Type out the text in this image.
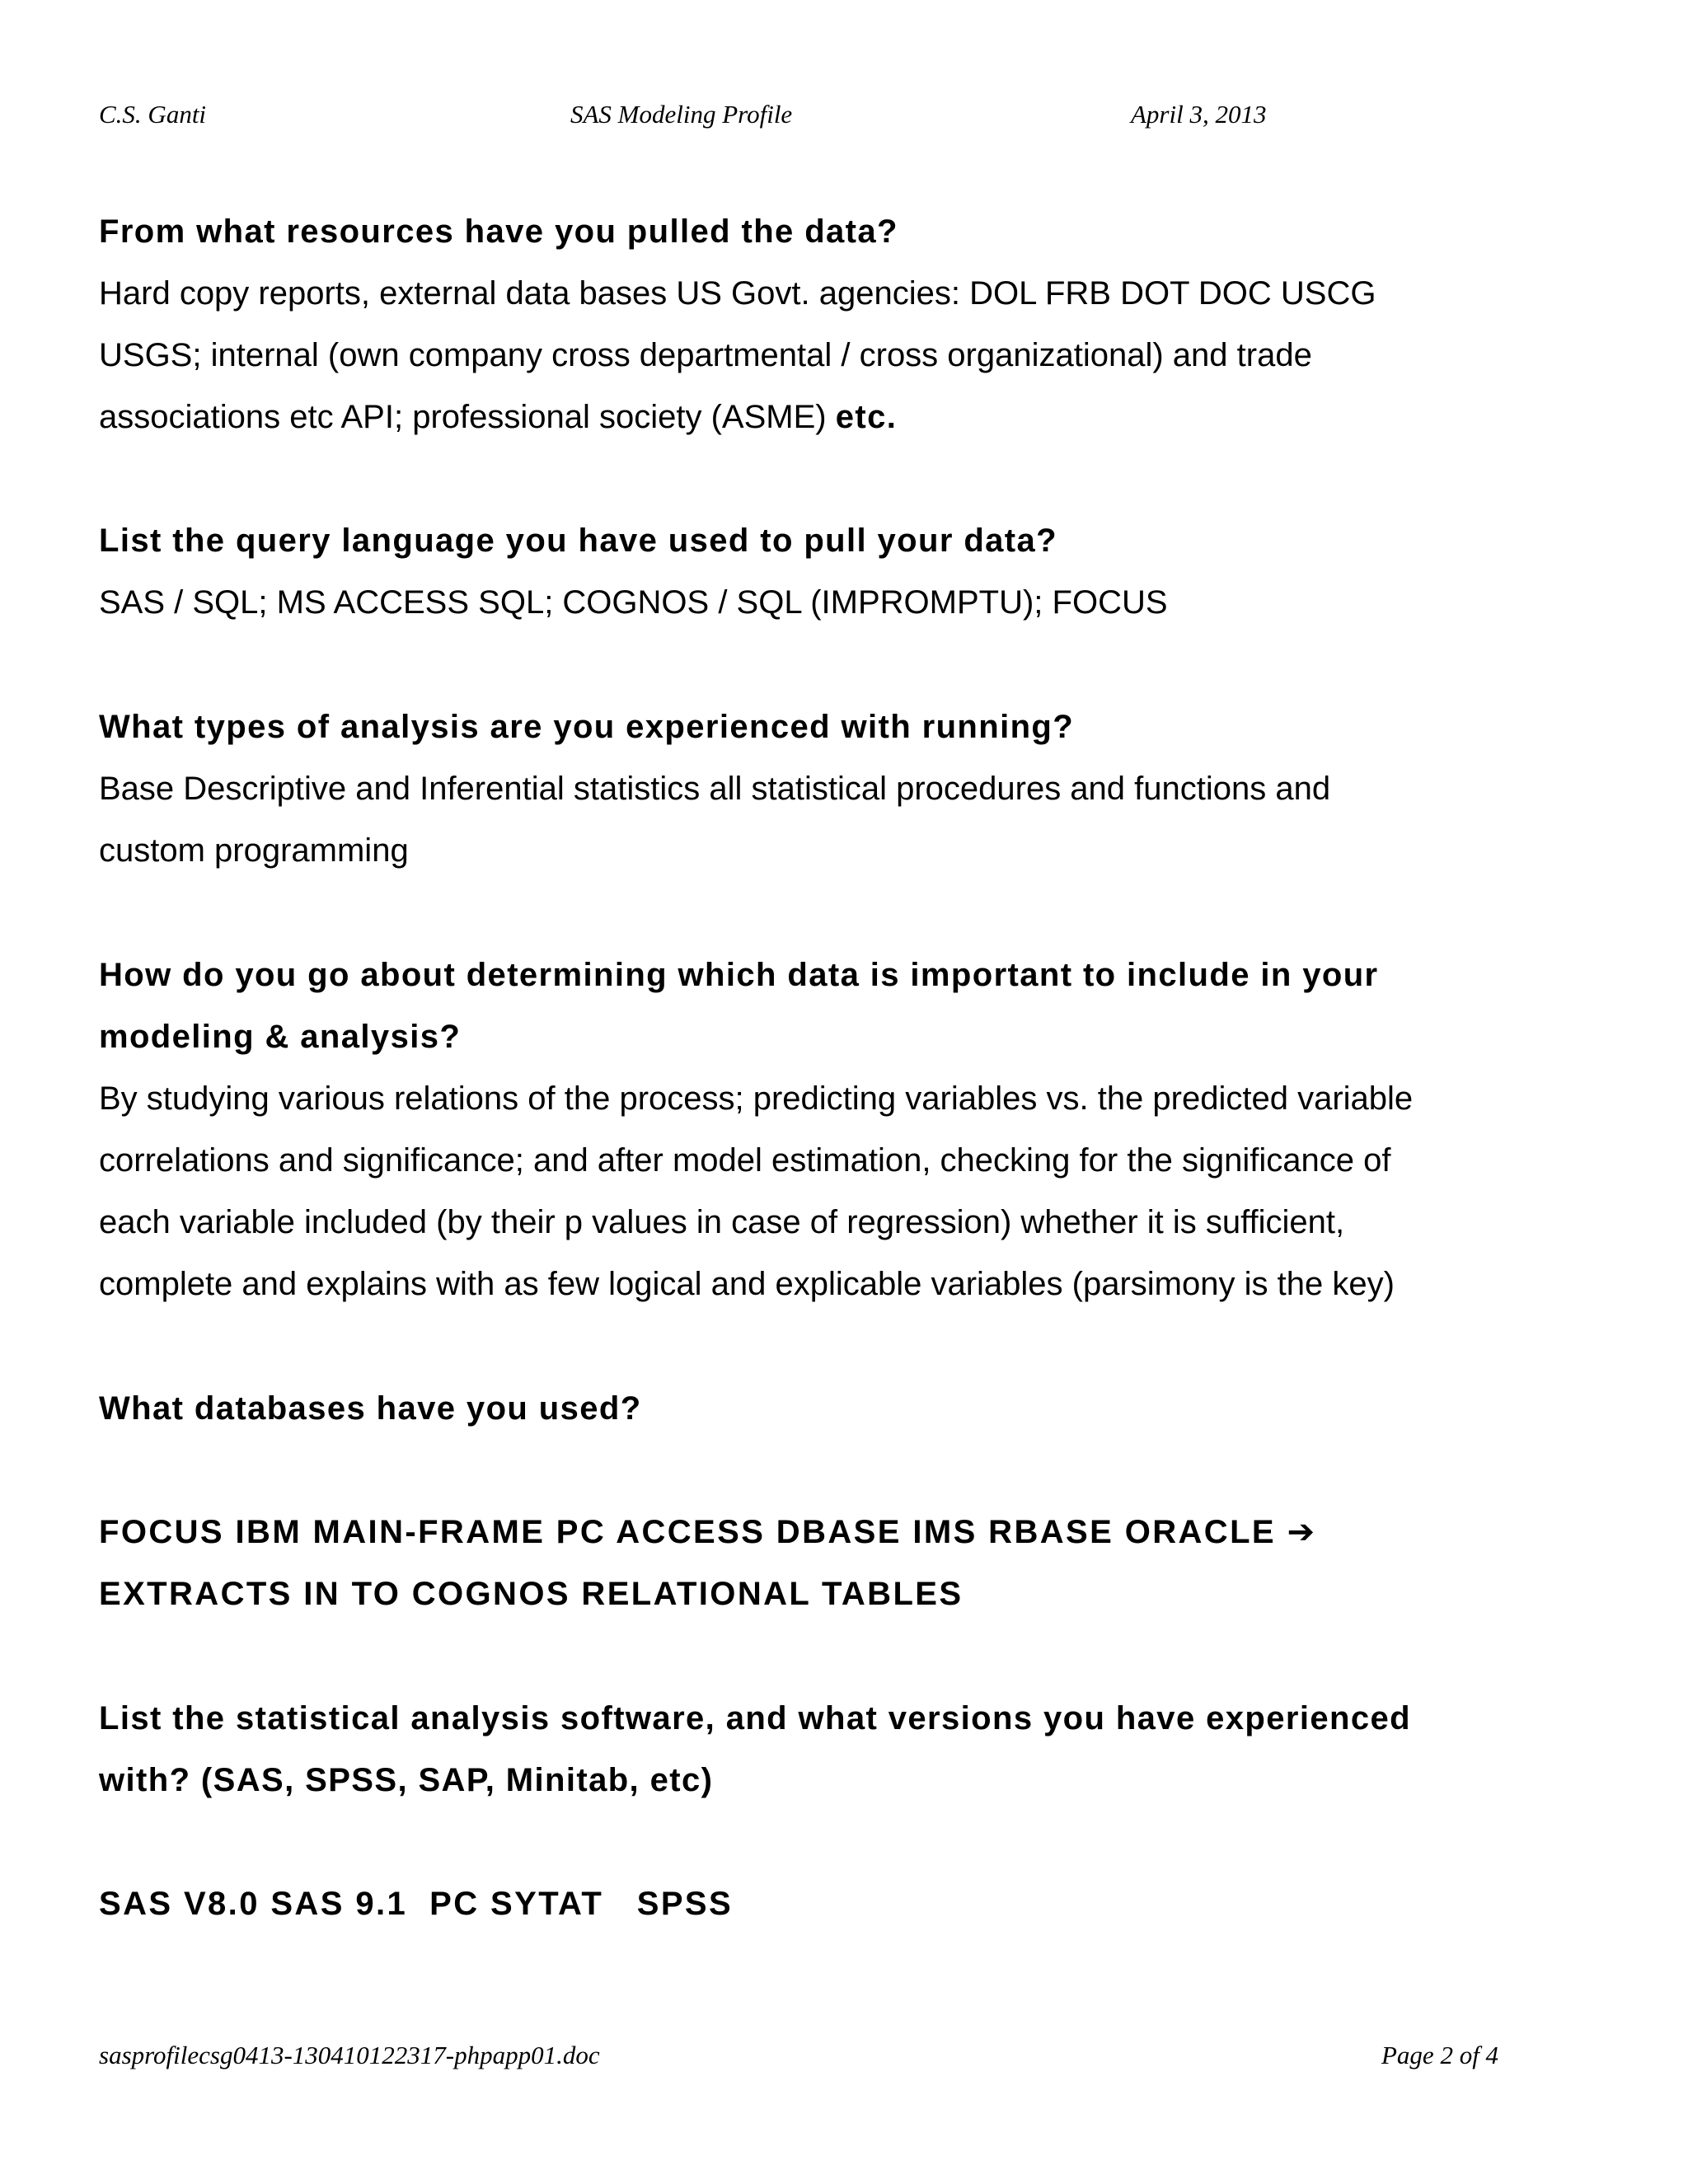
C.S. Ganti	SAS Modeling Profile	April 3, 2013
From what resources have you pulled the data?
Hard copy reports, external data bases US Govt. agencies: DOL FRB DOT DOC USCG
USGS; internal (own company cross departmental / cross organizational) and trade
associations etc API; professional society (ASME) etc.
List the query language you have used to pull your data?
SAS / SQL; MS ACCESS SQL; COGNOS / SQL (IMPROMPTU); FOCUS
What types of analysis are you experienced with running?
Base Descriptive and Inferential statistics all statistical procedures and functions and
custom programming
How do you go about determining which data is important to include in your
modeling & analysis?
By studying various relations of the process; predicting variables vs. the predicted variable
correlations and significance; and after model estimation, checking for the significance of
each variable included (by their p values in case of regression) whether it is sufficient,
complete and explains with as few logical and explicable variables (parsimony is the key)
What databases have you used?
FOCUS IBM MAIN-FRAME PC ACCESS DBASE IMS RBASE ORACLE ➔
EXTRACTS IN TO COGNOS RELATIONAL TABLES
List the statistical analysis software, and what versions you have experienced
with? (SAS, SPSS, SAP, Minitab, etc)
SAS V8.0 SAS 9.1  PC SYTAT   SPSS
sasprofilecsg0413-130410122317-phpapp01.doc	Page 2 of 4
